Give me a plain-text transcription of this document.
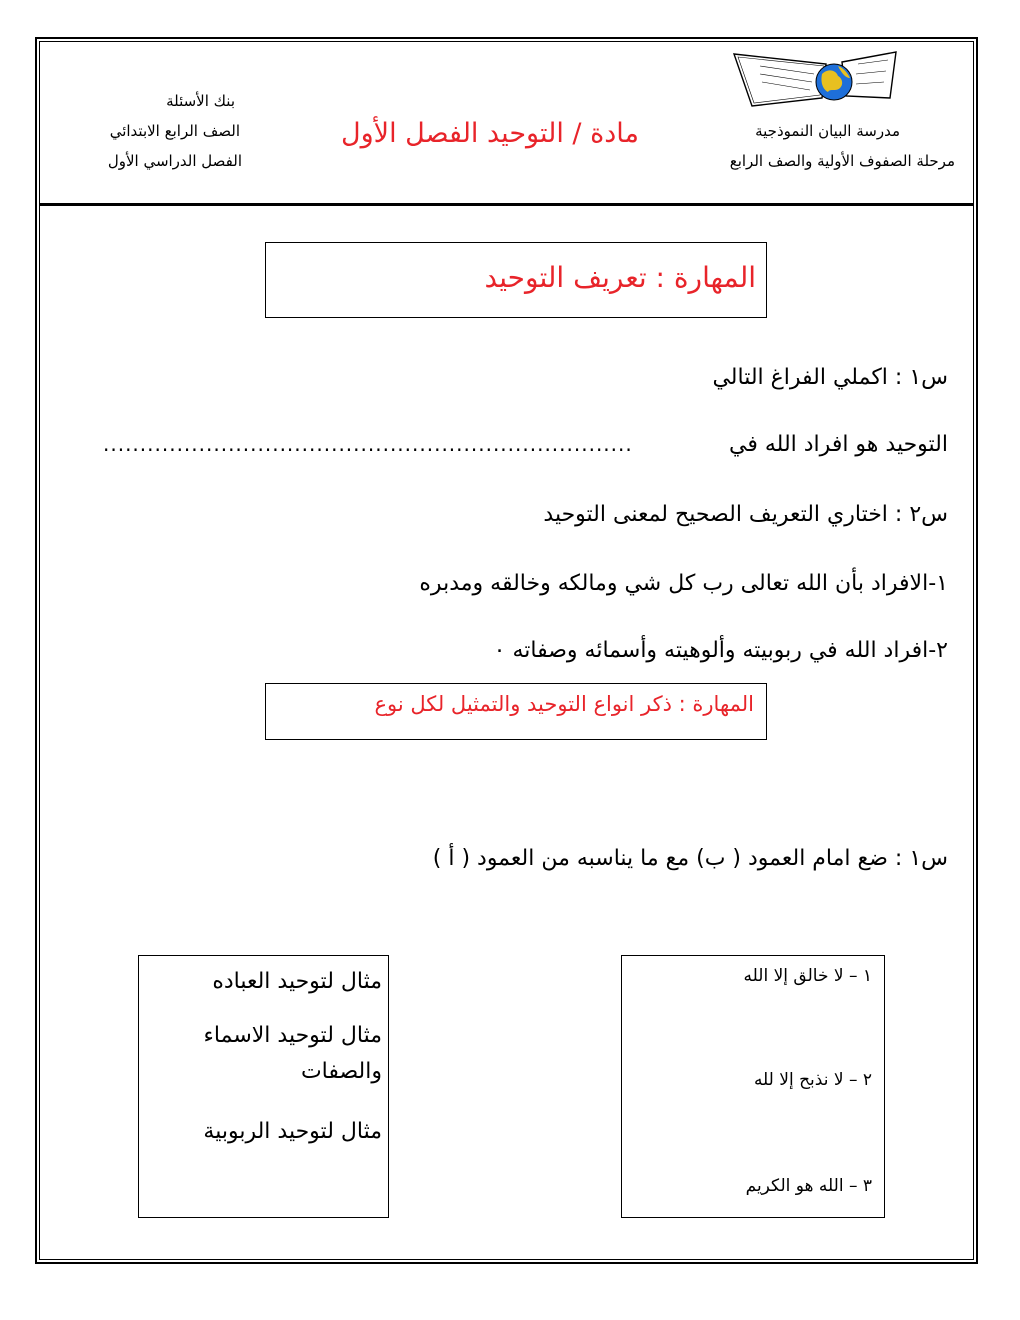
مدرسة البيان النموذجية
مرحلة الصفوف الأولية والصف الرابع
مادة / التوحيد الفصل الأول
بنك الأسئلة
الصف الرابع الابتدائي
الفصل الدراسي الأول
المهارة : تعريف التوحيد
س١ : اكملي الفراغ التالي
التوحيد هو افراد الله في
........................................................................
س٢ : اختاري التعريف الصحيح لمعنى التوحيد
١-الافراد بأن الله تعالى رب كل شي ومالكه وخالقه ومدبره
٢-افراد الله في ربوبيته وألوهيته وأسمائه وصفاته ٠
المهارة : ذكر انواع التوحيد والتمثيل لكل نوع
س١ : ضع امام العمود ( ب) مع ما يناسبه من العمود ( أ )
مثال لتوحيد العباده
مثال لتوحيد الاسماء والصفات
مثال لتوحيد الربوبية
١ – لا خالق إلا الله
٢ – لا نذبح إلا لله
٣ – الله هو الكريم
